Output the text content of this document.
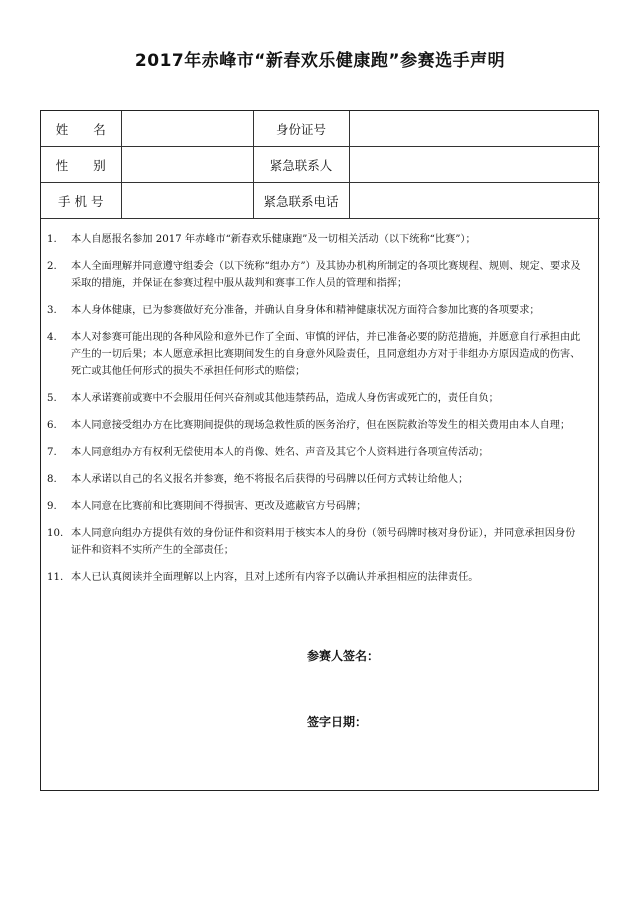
2017年赤峰市“新春欢乐健康跑”参赛选手声明
姓　　名		身份证号	
性　　别		紧急联系人	
手 机 号		紧急联系电话	
1. 本人自愿报名参加 2017 年赤峰市“新春欢乐健康跑”及一切相关活动（以下统称“比赛”）；
2. 本人全面理解并同意遵守组委会（以下统称“组办方”）及其协办机构所制定的各项比赛规程、规则、规定、要求及采取的措施，并保证在参赛过程中服从裁判和赛事工作人员的管理和指挥；
3. 本人身体健康，已为参赛做好充分准备，并确认自身身体和精神健康状况方面符合参加比赛的各项要求；
4. 本人对参赛可能出现的各种风险和意外已作了全面、审慎的评估，并已准备必要的防范措施，并愿意自行承担由此产生的一切后果；本人愿意承担比赛期间发生的自身意外风险责任，且同意组办方对于非组办方原因造成的伤害、死亡或其他任何形式的损失不承担任何形式的赔偿；
5. 本人承诺赛前或赛中不会服用任何兴奋剂或其他违禁药品，造成人身伤害或死亡的，责任自负；
6. 本人同意接受组办方在比赛期间提供的现场急救性质的医务治疗，但在医院救治等发生的相关费用由本人自理；
7. 本人同意组办方有权利无偿使用本人的肖像、姓名、声音及其它个人资料进行各项宣传活动；
8. 本人承诺以自己的名义报名并参赛，绝不将报名后获得的号码牌以任何方式转让给他人；
9. 本人同意在比赛前和比赛期间不得损害、更改及遮蔽官方号码牌；
10. 本人同意向组办方提供有效的身份证件和资料用于核实本人的身份（领号码牌时核对身份证），并同意承担因身份证件和资料不实所产生的全部责任；
11. 本人已认真阅读并全面理解以上内容，且对上述所有内容予以确认并承担相应的法律责任。
参赛人签名：
签字日期：
